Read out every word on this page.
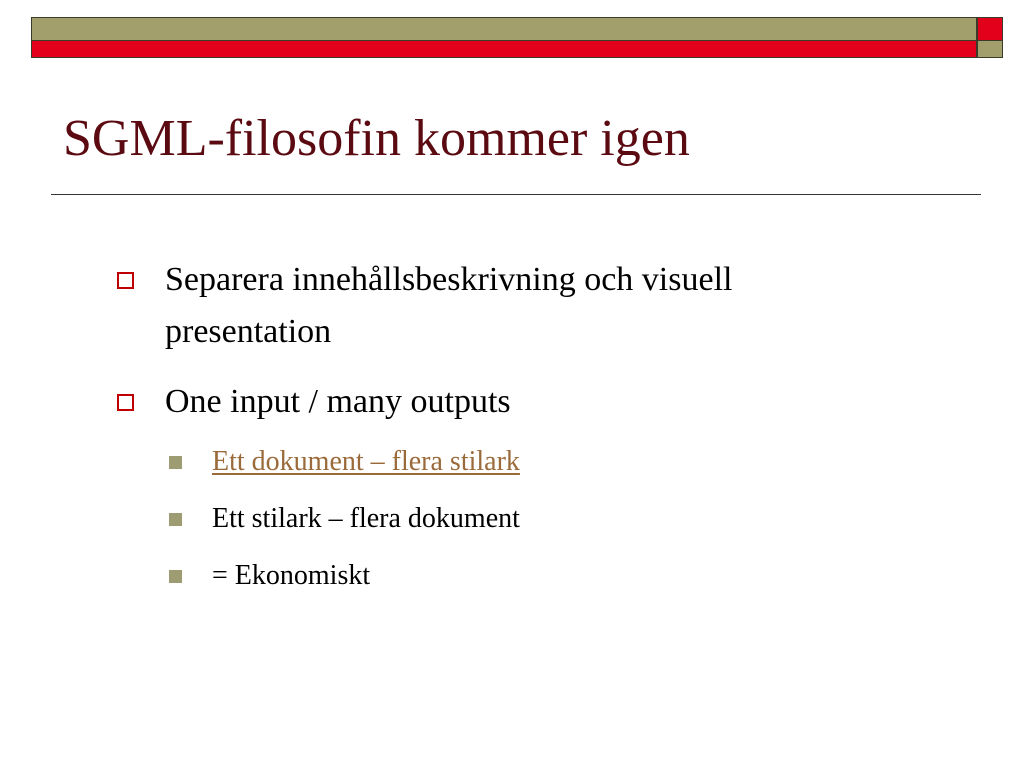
SGML-filosofin kommer igen
Separera innehållsbeskrivning och visuell
presentation
One input / many outputs
Ett dokument – flera stilark
Ett stilark – flera dokument
= Ekonomiskt
